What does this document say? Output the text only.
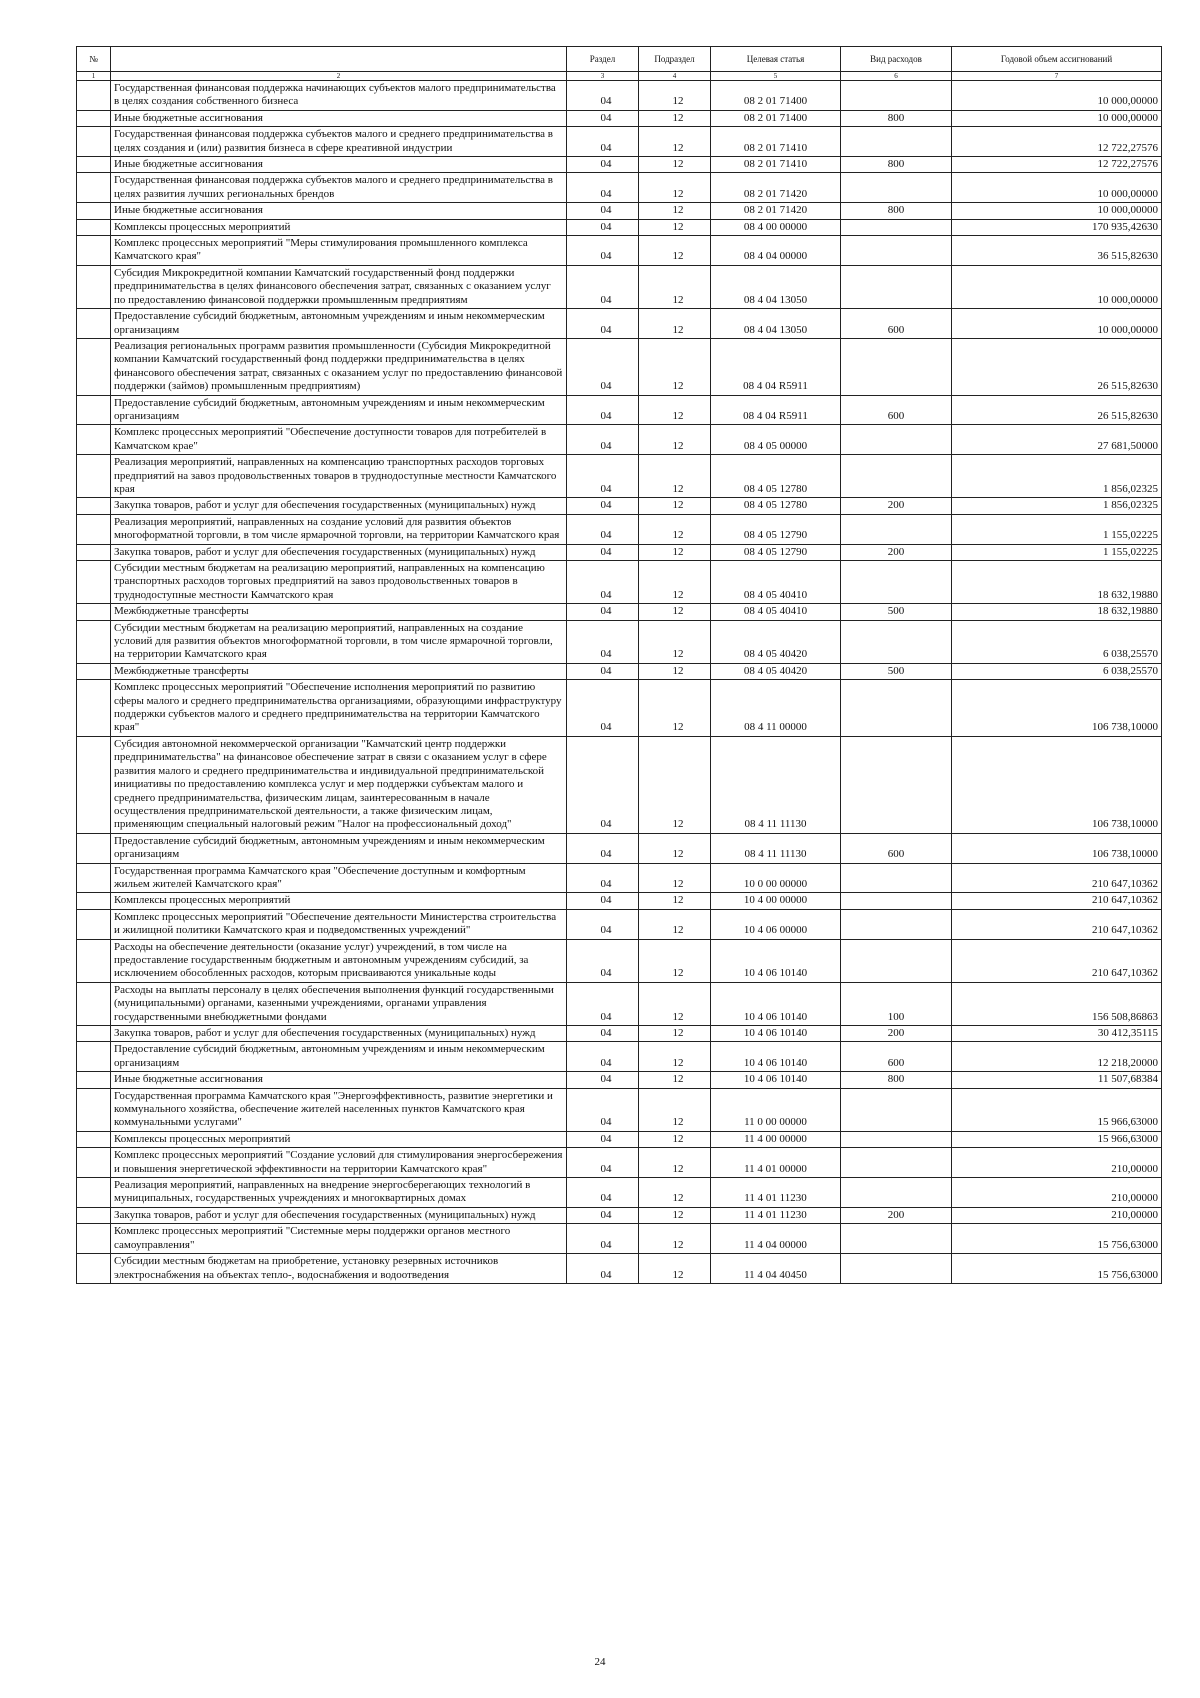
№		Раздел	Подраздел	Целевая статья	Вид расходов	Годовой объем ассигнований
1	2	3	4	5	6	7
	Государственная финансовая поддержка начинающих субъектов малого предпринимательства в целях создания собственного бизнеса	04	12	08 2 01 71400		10 000,00000
	Иные бюджетные ассигнования	04	12	08 2 01 71400	800	10 000,00000
	Государственная финансовая поддержка субъектов малого и среднего предпринимательства в целях создания и (или) развития бизнеса в сфере креативной индустрии	04	12	08 2 01 71410		12 722,27576
	Иные бюджетные ассигнования	04	12	08 2 01 71410	800	12 722,27576
	Государственная финансовая поддержка субъектов малого и среднего предпринимательства в целях развития лучших региональных брендов	04	12	08 2 01 71420		10 000,00000
	Иные бюджетные ассигнования	04	12	08 2 01 71420	800	10 000,00000
	Комплексы процессных мероприятий	04	12	08 4 00 00000		170 935,42630
	Комплекс процессных мероприятий "Меры стимулирования промышленного комплекса Камчатского края"	04	12	08 4 04 00000		36 515,82630
	Субсидия Микрокредитной компании Камчатский государственный фонд поддержки предпринимательства в целях финансового обеспечения затрат, связанных с оказанием услуг по предоставлению финансовой поддержки промышленным предприятиям	04	12	08 4 04 13050		10 000,00000
	Предоставление субсидий бюджетным, автономным учреждениям и иным некоммерческим организациям	04	12	08 4 04 13050	600	10 000,00000
	Реализация региональных программ развития промышленности (Субсидия Микрокредитной компании Камчатский государственный фонд поддержки предпринимательства в целях финансового обеспечения затрат, связанных с оказанием услуг по предоставлению финансовой поддержки (займов) промышленным предприятиям)	04	12	08 4 04 R5911		26 515,82630
	Предоставление субсидий бюджетным, автономным учреждениям и иным некоммерческим организациям	04	12	08 4 04 R5911	600	26 515,82630
	Комплекс процессных мероприятий "Обеспечение доступности товаров для потребителей в Камчатском крае"	04	12	08 4 05 00000		27 681,50000
	Реализация мероприятий, направленных на компенсацию транспортных расходов торговых предприятий на завоз продовольственных товаров в труднодоступные местности Камчатского края	04	12	08 4 05 12780		1 856,02325
	Закупка товаров, работ и услуг для обеспечения государственных (муниципальных) нужд	04	12	08 4 05 12780	200	1 856,02325
	Реализация мероприятий, направленных на создание условий для развития объектов многоформатной торговли, в том числе ярмарочной торговли, на территории Камчатского края	04	12	08 4 05 12790		1 155,02225
	Закупка товаров, работ и услуг для обеспечения государственных (муниципальных) нужд	04	12	08 4 05 12790	200	1 155,02225
	Субсидии местным бюджетам на реализацию мероприятий, направленных на компенсацию транспортных расходов торговых предприятий на завоз продовольственных товаров в труднодоступные местности Камчатского края	04	12	08 4 05 40410		18 632,19880
	Межбюджетные трансферты	04	12	08 4 05 40410	500	18 632,19880
	Субсидии местным бюджетам на реализацию мероприятий, направленных на создание условий для развития объектов многоформатной торговли, в том числе ярмарочной торговли, на территории Камчатского края	04	12	08 4 05 40420		6 038,25570
	Межбюджетные трансферты	04	12	08 4 05 40420	500	6 038,25570
	Комплекс процессных мероприятий "Обеспечение исполнения мероприятий по развитию сферы малого и среднего предпринимательства организациями, образующими инфраструктуру поддержки субъектов малого и среднего предпринимательства на территории Камчатского края"	04	12	08 4 11 00000		106 738,10000
	Субсидия автономной некоммерческой организации "Камчатский центр поддержки предпринимательства" на финансовое обеспечение затрат в связи с оказанием услуг в сфере развития малого и среднего предпринимательства и индивидуальной предпринимательской инициативы по предоставлению комплекса услуг и мер поддержки субъектам малого и среднего предпринимательства, физическим лицам, заинтересованным в начале осуществления предпринимательской деятельности, а также физическим лицам, применяющим специальный налоговый режим "Налог на профессиональный доход"	04	12	08 4 11 11130		106 738,10000
	Предоставление субсидий бюджетным, автономным учреждениям и иным некоммерческим организациям	04	12	08 4 11 11130	600	106 738,10000
	Государственная программа Камчатского края "Обеспечение доступным и комфортным жильем жителей Камчатского края"	04	12	10 0 00 00000		210 647,10362
	Комплексы процессных мероприятий	04	12	10 4 00 00000		210 647,10362
	Комплекс процессных мероприятий "Обеспечение деятельности Министерства строительства и жилищной политики Камчатского края и подведомственных учреждений"	04	12	10 4 06 00000		210 647,10362
	Расходы на обеспечение деятельности (оказание услуг) учреждений, в том числе на предоставление государственным бюджетным и автономным учреждениям субсидий, за исключением обособленных расходов, которым присваиваются уникальные коды	04	12	10 4 06 10140		210 647,10362
	Расходы на выплаты персоналу в целях обеспечения выполнения функций государственными (муниципальными) органами, казенными учреждениями, органами управления государственными внебюджетными фондами	04	12	10 4 06 10140	100	156 508,86863
	Закупка товаров, работ и услуг для обеспечения государственных (муниципальных) нужд	04	12	10 4 06 10140	200	30 412,35115
	Предоставление субсидий бюджетным, автономным учреждениям и иным некоммерческим организациям	04	12	10 4 06 10140	600	12 218,20000
	Иные бюджетные ассигнования	04	12	10 4 06 10140	800	11 507,68384
	Государственная программа Камчатского края "Энергоэффективность, развитие энергетики и коммунального хозяйства, обеспечение жителей населенных пунктов Камчатского края коммунальными услугами"	04	12	11 0 00 00000		15 966,63000
	Комплексы процессных мероприятий	04	12	11 4 00 00000		15 966,63000
	Комплекс процессных мероприятий "Создание условий для стимулирования энергосбережения и повышения энергетической эффективности на территории Камчатского края"	04	12	11 4 01 00000		210,00000
	Реализация мероприятий, направленных на внедрение энергосберегающих технологий в муниципальных, государственных учреждениях и многоквартирных домах	04	12	11 4 01 11230		210,00000
	Закупка товаров, работ и услуг для обеспечения государственных (муниципальных) нужд	04	12	11 4 01 11230	200	210,00000
	Комплекс процессных мероприятий "Системные меры поддержки органов местного самоуправления"	04	12	11 4 04 00000		15 756,63000
	Субсидии местным бюджетам на приобретение, установку резервных источников электроснабжения на объектах тепло-, водоснабжения и водоотведения	04	12	11 4 04 40450		15 756,63000
24
